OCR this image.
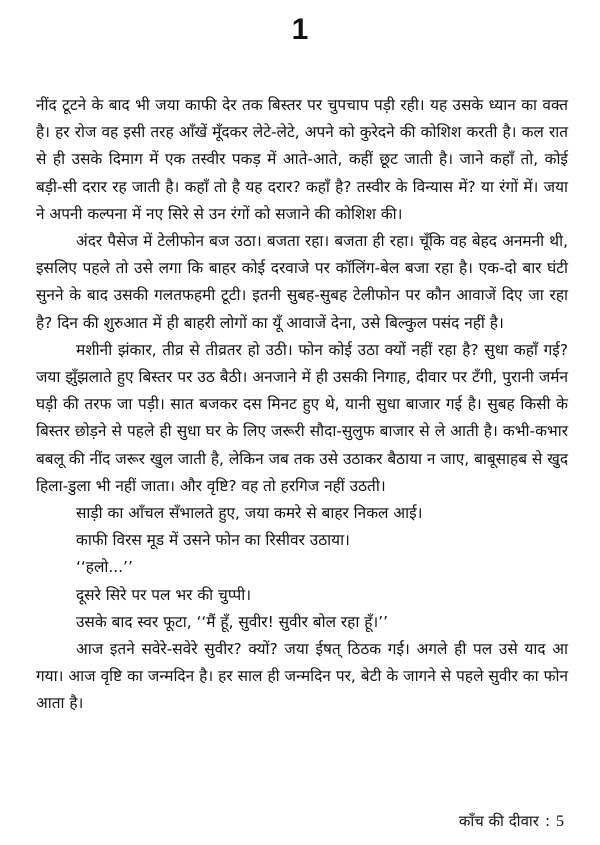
1

नींद टूटने के बाद भी जया काफी देर तक बिस्तर पर चुपचाप पड़ी रही। यह उसके ध्यान का वक्त है। हर रोज वह इसी तरह आँखें मूँदकर लेटे-लेटे, अपने को कुरेदने की कोशिश करती है। कल रात से ही उसके दिमाग में एक तस्वीर पकड़ में आते-आते, कहीं छूट जाती है। जाने कहाँ तो, कोई बड़ी-सी दरार रह जाती है। कहाँ तो है यह दरार? कहाँ है? तस्वीर के विन्यास में? या रंगों में। जया ने अपनी कल्पना में नए सिरे से उन रंगों को सजाने की कोशिश की।

अंदर पैसेज में टेलीफोन बज उठा। बजता रहा। बजता ही रहा। चूँकि वह बेहद अनमनी थी, इसलिए पहले तो उसे लगा कि बाहर कोई दरवाजे पर कॉलिंग-बेल बजा रहा है। एक-दो बार घंटी सुनने के बाद उसकी गलतफहमी टूटी। इतनी सुबह-सुबह टेलीफोन पर कौन आवाजें दिए जा रहा है? दिन की शुरुआत में ही बाहरी लोगों का यूँ आवाजें देना, उसे बिल्कुल पसंद नहीं है।

मशीनी झंकार, तीव्र से तीव्रतर हो उठी। फोन कोई उठा क्यों नहीं रहा है? सुधा कहाँ गई? जया झुँझलाते हुए बिस्तर पर उठ बैठी। अनजाने में ही उसकी निगाह, दीवार पर टँगी, पुरानी जर्मन घड़ी की तरफ जा पड़ी। सात बजकर दस मिनट हुए थे, यानी सुधा बाजार गई है। सुबह किसी के बिस्तर छोड़ने से पहले ही सुधा घर के लिए जरूरी सौदा-सुलुफ बाजार से ले आती है। कभी-कभार बबलू की नींद जरूर खुल जाती है, लेकिन जब तक उसे उठाकर बैठाया न जाए, बाबूसाहब से खुद हिला-डुला भी नहीं जाता। और वृष्टि? वह तो हरगिज नहीं उठती।

साड़ी का आँचल सँभालते हुए, जया कमरे से बाहर निकल आई।

काफी विरस मूड में उसने फोन का रिसीवर उठाया।

‘‘हलो...’’

दूसरे सिरे पर पल भर की चुप्पी।

उसके बाद स्वर फूटा, ‘‘मैं हूँ, सुवीर! सुवीर बोल रहा हूँ।’’

आज इतने सवेरे-सवेरे सुवीर? क्यों? जया ईषत् ठिठक गई। अगले ही पल उसे याद आ गया। आज वृष्टि का जन्मदिन है। हर साल ही जन्मदिन पर, बेटी के जागने से पहले सुवीर का फोन आता है।

काँच की दीवार : 5
